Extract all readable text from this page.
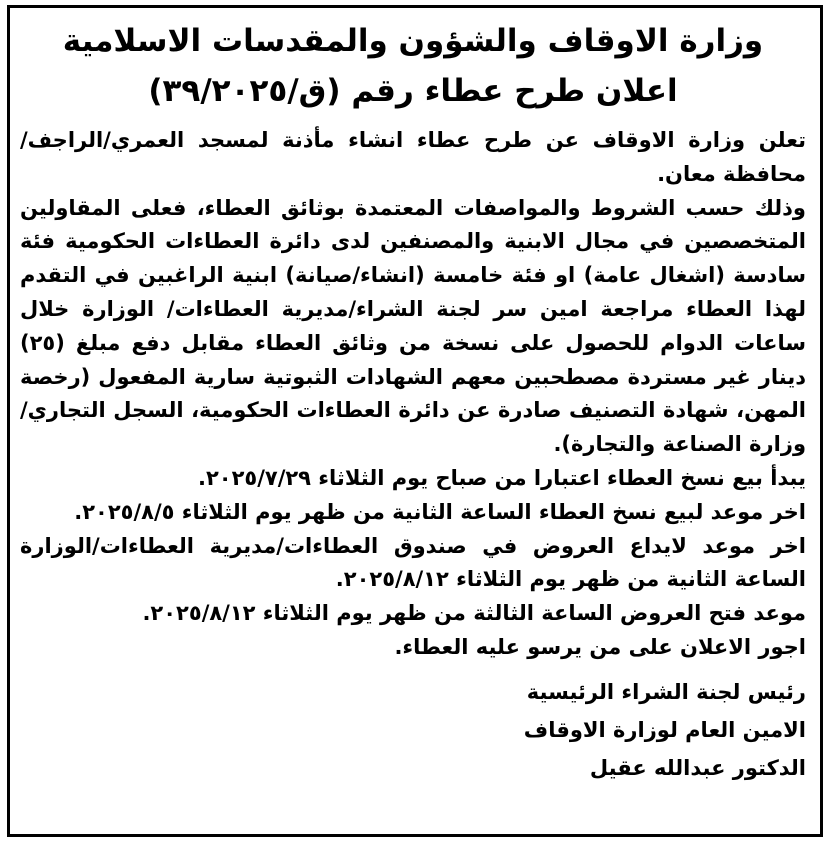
وزارة الاوقاف والشؤون والمقدسات الاسلامية
اعلان طرح عطاء رقم (ق/٣٩/٢٠٢٥)

تعلن وزارة الاوقاف عن طرح عطاء انشاء مأذنة لمسجد العمري/الراجف/ محافظة معان.

وذلك حسب الشروط والمواصفات المعتمدة بوثائق العطاء، فعلى المقاولين المتخصصين في مجال الابنية والمصنفين لدى دائرة العطاءات الحكومية فئة سادسة (اشغال عامة) او فئة خامسة (انشاء/صيانة) ابنية الراغبين في التقدم لهذا العطاء مراجعة امين سر لجنة الشراء/مديرية العطاءات/ الوزارة خلال ساعات الدوام للحصول على نسخة من وثائق العطاء مقابل دفع مبلغ (٢٥) دينار غير مستردة مصطحبين معهم الشهادات الثبوتية سارية المفعول (رخصة المهن، شهادة التصنيف صادرة عن دائرة العطاءات الحكومية، السجل التجاري/وزارة الصناعة والتجارة).

يبدأ بيع نسخ العطاء اعتبارا من صباح يوم الثلاثاء ٢٠٢٥/٧/٢٩.

اخر موعد لبيع نسخ العطاء الساعة الثانية من ظهر يوم الثلاثاء ٢٠٢٥/٨/٥.

اخر موعد لايداع العروض في صندوق العطاءات/مديرية العطاءات/الوزارة الساعة الثانية من ظهر يوم الثلاثاء ٢٠٢٥/٨/١٢.

موعد فتح العروض الساعة الثالثة من ظهر يوم الثلاثاء ٢٠٢٥/٨/١٢.

اجور الاعلان على من يرسو عليه العطاء.

رئيس لجنة الشراء الرئيسية

الامين العام لوزارة الاوقاف

الدكتور عبدالله عقيل
